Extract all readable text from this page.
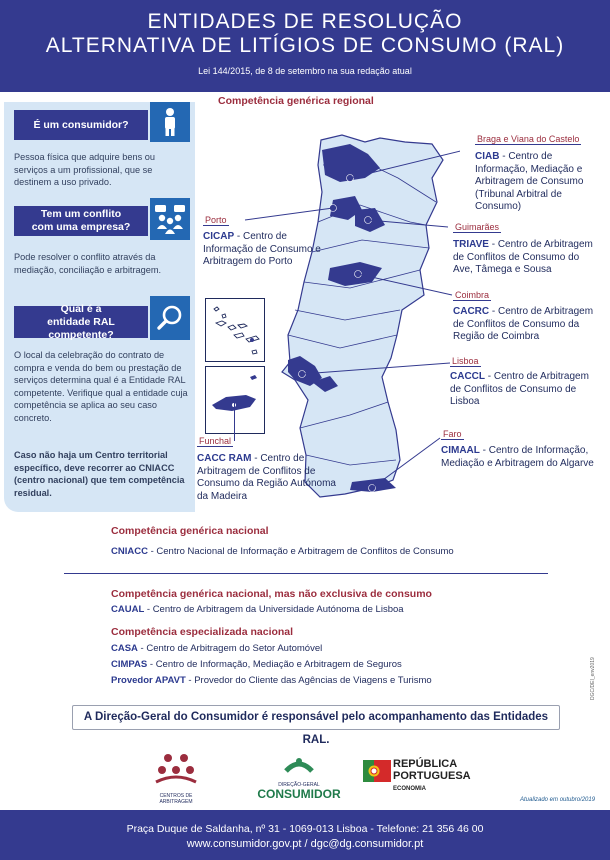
ENTIDADES DE RESOLUÇÃO
ALTERNATIVA DE LITÍGIOS DE CONSUMO (RAL)
Lei 144/2015, de 8 de setembro na sua redação atual
É um consumidor?
Pessoa física que adquire bens ou serviços a um profissional, que se destinem a uso privado.
Tem um conflito
com uma empresa?
Pode resolver o conflito através da mediação, conciliação e arbitragem.
Qual é a
entidade RAL competente?
O local da celebração do contrato de compra e venda do bem ou prestação de serviços determina qual é a Entidade RAL competente. Verifique qual a entidade cuja competência se aplica ao seu caso concreto.
Caso não haja um Centro territorial específico, deve recorrer ao CNIACC (centro nacional) que tem competência residual.
Competência genérica regional
Braga e Viana do Castelo
CIAB - Centro de Informação, Mediação e Arbitragem de Consumo (Tribunal Arbitral de Consumo)
Porto
CICAP - Centro de Informação de Consumo e Arbitragem do Porto
Guimarães
TRIAVE - Centro de Arbitragem de Conflitos de Consumo do Ave, Tâmega e Sousa
Coimbra
CACRC - Centro de Arbitragem de Conflitos de Consumo da Região de Coimbra
Lisboa
CACCL - Centro de Arbitragem de Conflitos de Consumo de Lisboa
Funchal
CACC RAM - Centro de Arbitragem de Conflitos de Consumo da Região Autónoma da Madeira
Faro
CIMAAL - Centro de Informação, Mediação e Arbitragem do Algarve
Competência genérica nacional
CNIACC - Centro Nacional de Informação e Arbitragem de Conflitos de Consumo
Competência genérica nacional, mas não exclusiva de consumo
CAUAL - Centro de Arbitragem da Universidade Autónoma de Lisboa
Competência especializada nacional
CASA - Centro de Arbitragem do Setor Automóvel
CIMPAS - Centro de Informação, Mediação e Arbitragem de Seguros
Provedor APAVT - Provedor do Cliente das Agências de Viagens e Turismo
A Direção-Geral do Consumidor é responsável pelo acompanhamento das Entidades RAL.
CENTROS DE ARBITRAGEM
DIREÇÃO-GERAL
CONSUMIDOR
REPÚBLICA
PORTUGUESA
ECONOMIA
Atualizado em outubro/2019
DGC/DEI_env2019
Praça Duque de Saldanha, nº 31 - 1069-013 Lisboa - Telefone: 21 356 46 00
www.consumidor.gov.pt / dgc@dg.consumidor.pt
